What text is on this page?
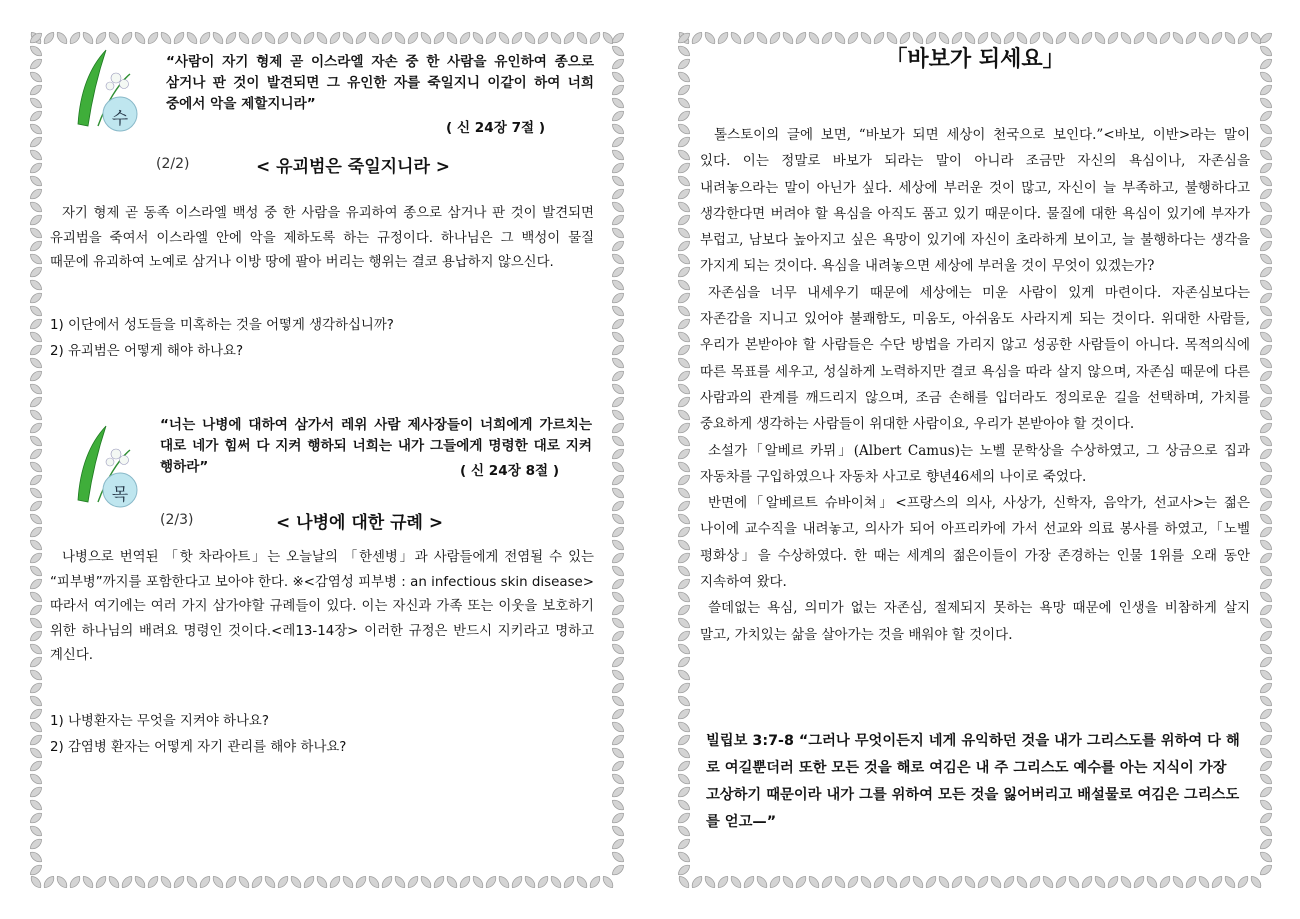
수
“사람이 자기 형제 곧 이스라엘 자손 중 한 사람을 유인하여 종으로 삼거나 판 것이 발견되면 그 유인한 자를 죽일지니 이같이 하여 너희 중에서 악을 제할지니라”
( 신 24장 7절 )
(2/2)	< 유괴범은 죽일지니라 >
자기 형제 곧 동족 이스라엘 백성 중 한 사람을 유괴하여 종으로 삼거나 판 것이 발견되면 유괴범을 죽여서 이스라엘 안에 악을 제하도록 하는 규정이다. 하나님은 그 백성이 물질 때문에 유괴하여 노예로 삼거나 이방 땅에 팔아 버리는 행위는 결코 용납하지 않으신다.
1) 이단에서 성도들을 미혹하는 것을 어떻게 생각하십니까?
2) 유괴범은 어떻게 해야 하나요?
목
“너는 나병에 대하여 삼가서 레위 사람 제사장들이 너희에게 가르치는 대로 네가 힘써 다 지켜 행하되 너희는 내가 그들에게 명령한 대로 지켜 행하라”	( 신 24장 8절 )
(2/3)	< 나병에 대한 규례 >
나병으로 번역된 「핫 차라아트」는 오늘날의 「한센병」과 사람들에게 전염될 수 있는 “피부병”까지를 포함한다고 보아야 한다. ※<감염성 피부병 : an infectious skin disease> 따라서 여기에는 여러 가지 삼가야할 규례들이 있다. 이는 자신과 가족 또는 이웃을 보호하기 위한 하나님의 배려요 명령인 것이다.<레13-14장> 이러한 규정은 반드시 지키라고 명하고 계신다.
1) 나병환자는 무엇을 지켜야 하나요?
2) 감염병 환자는 어떻게 자기 관리를 해야 하나요?
「바보가 되세요」

톨스토이의 글에 보면, “바보가 되면 세상이 천국으로 보인다.”<바보, 이반>라는 말이 있다. 이는 정말로 바보가 되라는 말이 아니라 조금만 자신의 욕심이나, 자존심을 내려놓으라는 말이 아닌가 싶다. 세상에 부러운 것이 많고, 자신이 늘 부족하고, 불행하다고 생각한다면 버려야 할 욕심을 아직도 품고 있기 때문이다. 물질에 대한 욕심이 있기에 부자가 부럽고, 남보다 높아지고 싶은 욕망이 있기에 자신이 초라하게 보이고, 늘 불행하다는 생각을 가지게 되는 것이다. 욕심을 내려놓으면 세상에 부러울 것이 무엇이 있겠는가?

자존심을 너무 내세우기 때문에 세상에는 미운 사람이 있게 마련이다. 자존심보다는 자존감을 지니고 있어야 불쾌함도, 미움도, 아쉬움도 사라지게 되는 것이다. 위대한 사람들, 우리가 본받아야 할 사람들은 수단 방법을 가리지 않고 성공한 사람들이 아니다. 목적의식에 따른 목표를 세우고, 성실하게 노력하지만 결코 욕심을 따라 살지 않으며, 자존심 때문에 다른 사람과의 관계를 깨드리지 않으며, 조금 손해를 입더라도 정의로운 길을 선택하며, 가치를 중요하게 생각하는 사람들이 위대한 사람이요, 우리가 본받아야 할 것이다.

소설가「알베르 카뮈」(Albert Camus)는 노벨 문학상을 수상하였고, 그 상금으로 집과 자동차를 구입하였으나 자동차 사고로 향년46세의 나이로 죽었다.

반면에「알베르트 슈바이쳐」<프랑스의 의사, 사상가, 신학자, 음악가, 선교사>는 젊은 나이에 교수직을 내려놓고, 의사가 되어 아프리카에 가서 선교와 의료 봉사를 하였고,「노벨 평화상」을 수상하였다. 한 때는 세계의 젊은이들이 가장 존경하는 인물 1위를 오래 동안 지속하여 왔다.

쓸데없는 욕심, 의미가 없는 자존심, 절제되지 못하는 욕망 때문에 인생을 비참하게 살지 말고, 가치있는 삶을 살아가는 것을 배워야 할 것이다.

빌립보 3:7-8 “그러나 무엇이든지 네게 유익하던 것을 내가 그리스도를 위하여 다 해로 여길뿐더러 또한 모든 것을 해로 여김은 내 주 그리스도 예수를 아는 지식이 가장 고상하기 때문이라 내가 그를 위하여 모든 것을 잃어버리고 배설물로 여김은 그리스도를 얻고—”
